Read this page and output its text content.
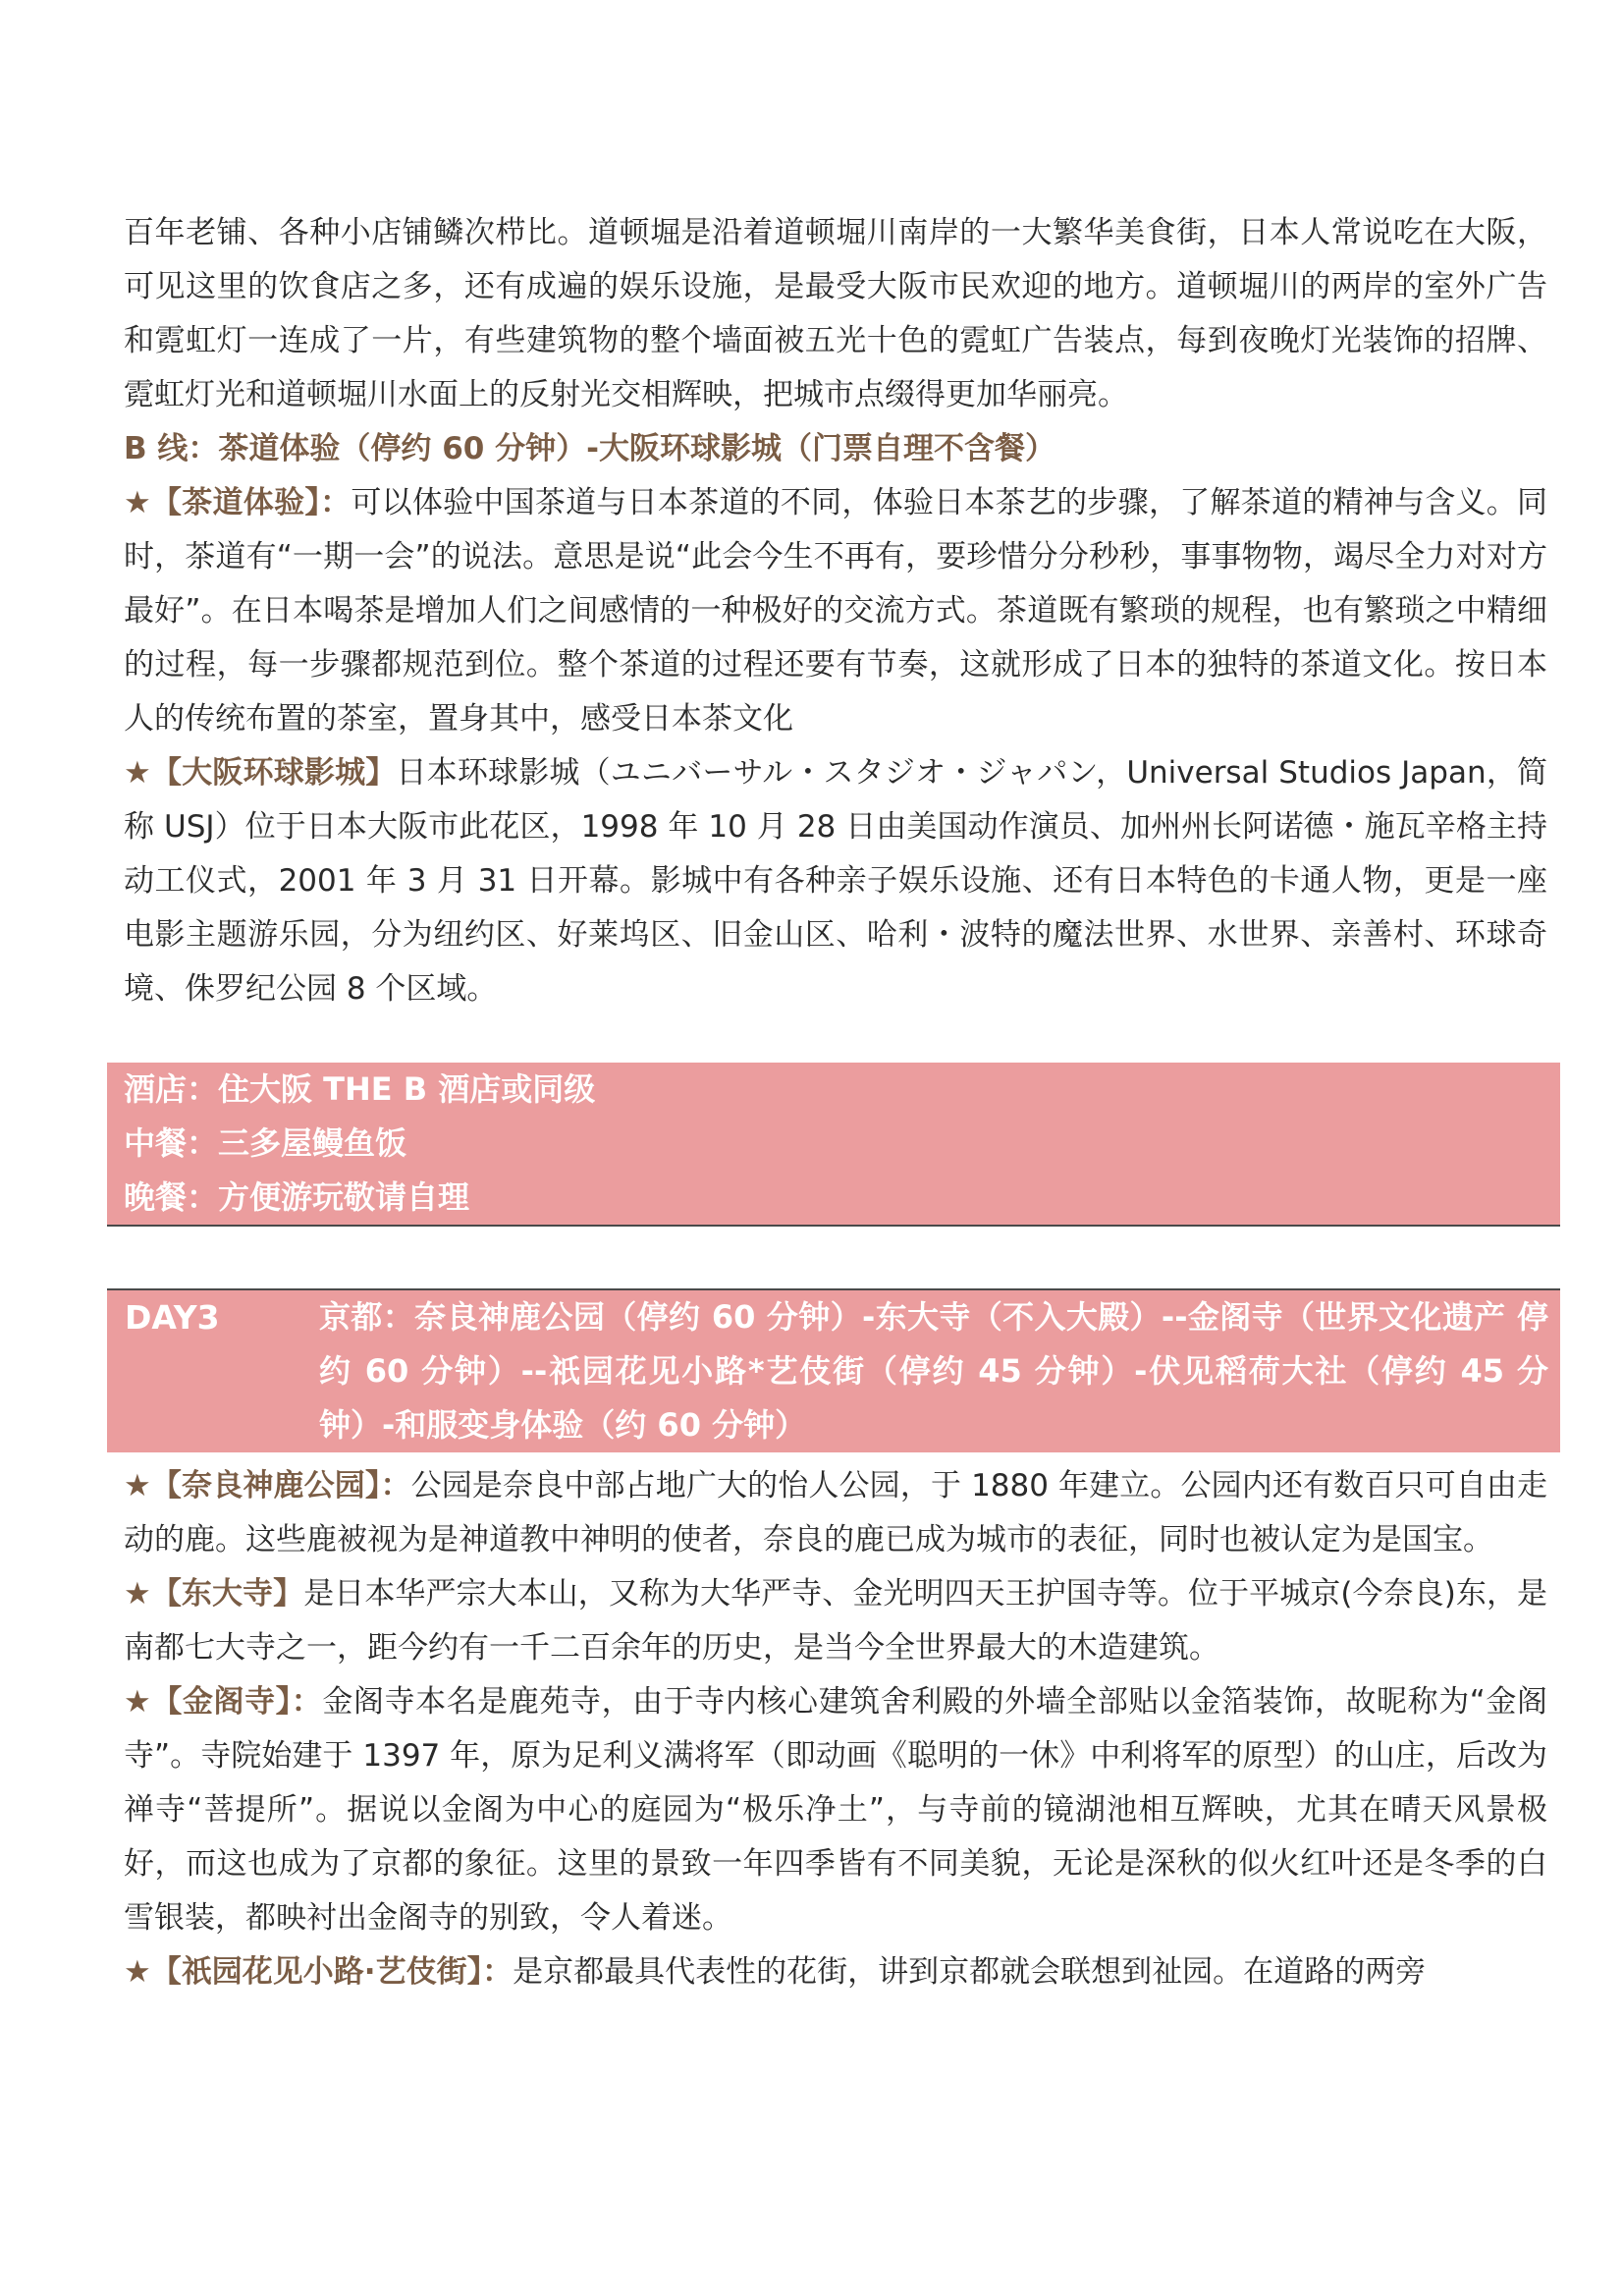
百年老铺、各种小店铺鳞次栉比。道顿堀是沿着道顿堀川南岸的一大繁华美食街，日本人常说吃在大阪，可见这里的饮食店之多，还有成遍的娱乐设施，是最受大阪市民欢迎的地方。道顿堀川的两岸的室外广告和霓虹灯一连成了一片，有些建筑物的整个墙面被五光十色的霓虹广告装点，每到夜晚灯光装饰的招牌、霓虹灯光和道顿堀川水面上的反射光交相辉映，把城市点缀得更加华丽亮。

B 线：茶道体验（停约 60 分钟）-大阪环球影城（门票自理不含餐）

★【茶道体验】：可以体验中国茶道与日本茶道的不同，体验日本茶艺的步骤，了解茶道的精神与含义。同时，茶道有“一期一会”的说法。意思是说“此会今生不再有，要珍惜分分秒秒，事事物物，竭尽全力对对方最好”。在日本喝茶是增加人们之间感情的一种极好的交流方式。茶道既有繁琐的规程，也有繁琐之中精细的过程，每一步骤都规范到位。整个茶道的过程还要有节奏，这就形成了日本的独特的茶道文化。按日本人的传统布置的茶室，置身其中，感受日本茶文化

★【大阪环球影城】日本环球影城（ユニバーサル・スタジオ・ジャパン，Universal Studios Japan，简称 USJ）位于日本大阪市此花区，1998 年 10 月 28 日由美国动作演员、加州州长阿诺德・施瓦辛格主持动工仪式，2001 年 3 月 31 日开幕。影城中有各种亲子娱乐设施、还有日本特色的卡通人物，更是一座电影主题游乐园，分为纽约区、好莱坞区、旧金山区、哈利・波特的魔法世界、水世界、亲善村、环球奇境、侏罗纪公园 8 个区域。

酒店：住大阪 THE B 酒店或同级

中餐：三多屋鳗鱼饭

晚餐：方便游玩敬请自理

DAY3	京都：奈良神鹿公园（停约 60 分钟）-东大寺（不入大殿）--金阁寺（世界文化遗产 停约 60 分钟）--祇园花见小路*艺伎街（停约 45 分钟）-伏见稻荷大社（停约 45 分钟）-和服变身体验（约 60 分钟）

★【奈良神鹿公园】：公园是奈良中部占地广大的怡人公园，于 1880 年建立。公园内还有数百只可自由走动的鹿。这些鹿被视为是神道教中神明的使者，奈良的鹿已成为城市的表征，同时也被认定为是国宝。

★【东大寺】是日本华严宗大本山，又称为大华严寺、金光明四天王护国寺等。位于平城京(今奈良)东，是南都七大寺之一，距今约有一千二百余年的历史，是当今全世界最大的木造建筑。

★【金阁寺】：金阁寺本名是鹿苑寺，由于寺内核心建筑舍利殿的外墙全部贴以金箔装饰，故昵称为“金阁寺”。寺院始建于 1397 年，原为足利义满将军（即动画《聪明的一休》中利将军的原型）的山庄，后改为禅寺“菩提所”。据说以金阁为中心的庭园为“极乐净土”，与寺前的镜湖池相互辉映，尤其在晴天风景极好，而这也成为了京都的象征。这里的景致一年四季皆有不同美貌，无论是深秋的似火红叶还是冬季的白雪银装，都映衬出金阁寺的别致，令人着迷。

★【祇园花见小路·艺伎街】：是京都最具代表性的花街，讲到京都就会联想到祉园。在道路的两旁
